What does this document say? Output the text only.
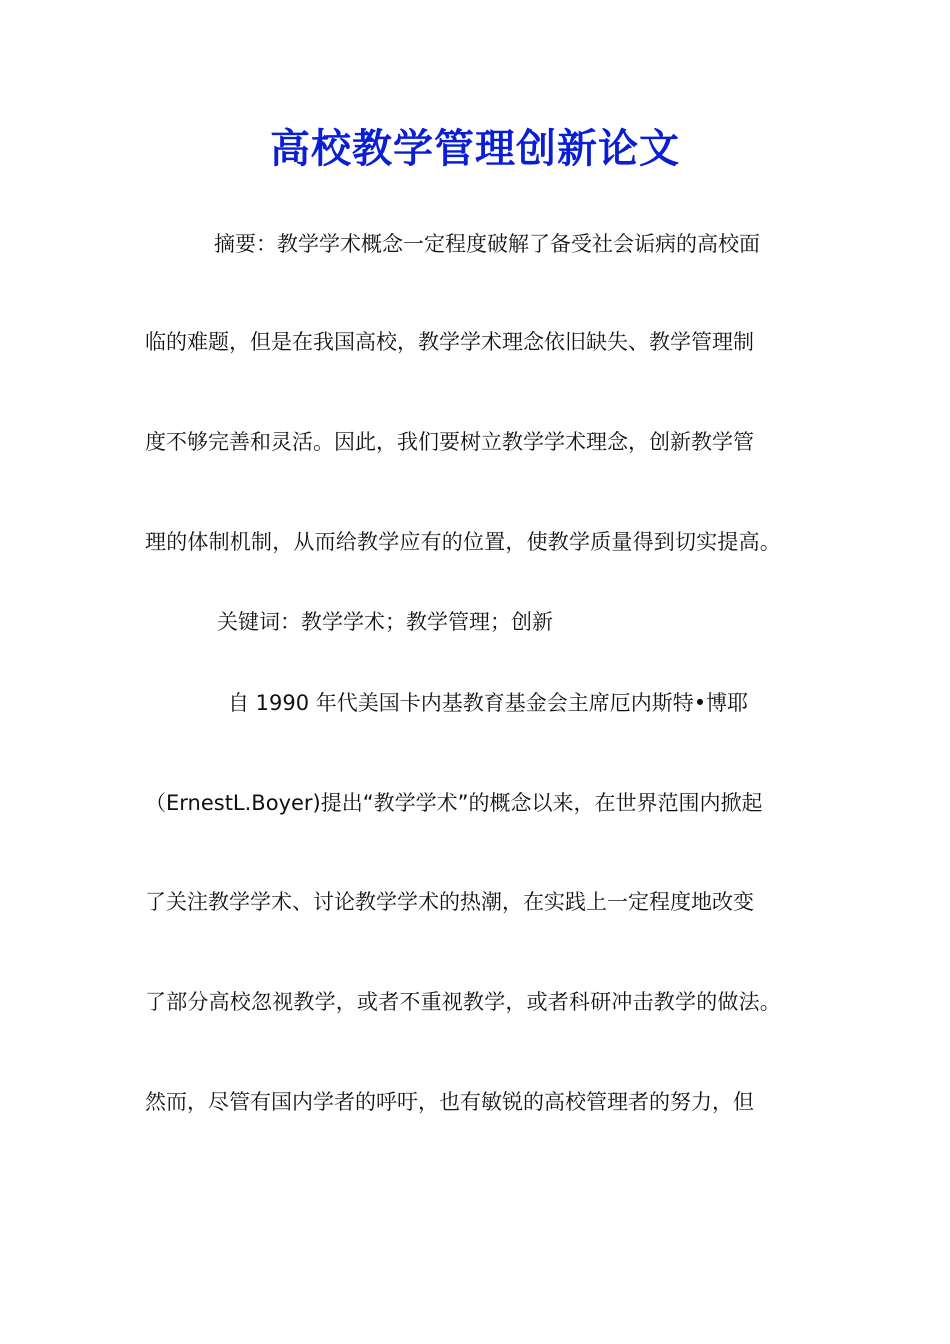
高校教学管理创新论文
摘要：教学学术概念一定程度破解了备受社会诟病的高校面
临的难题，但是在我国高校，教学学术理念依旧缺失、教学管理制
度不够完善和灵活。因此，我们要树立教学学术理念，创新教学管
理的体制机制，从而给教学应有的位置，使教学质量得到切实提高。
关键词：教学学术；教学管理；创新
自 1990 年代美国卡内基教育基金会主席厄内斯特•博耶
（ErnestL.Boyer)提出“教学学术”的概念以来，在世界范围内掀起
了关注教学学术、讨论教学学术的热潮，在实践上一定程度地改变
了部分高校忽视教学，或者不重视教学，或者科研冲击教学的做法。
然而，尽管有国内学者的呼吁，也有敏锐的高校管理者的努力，但
